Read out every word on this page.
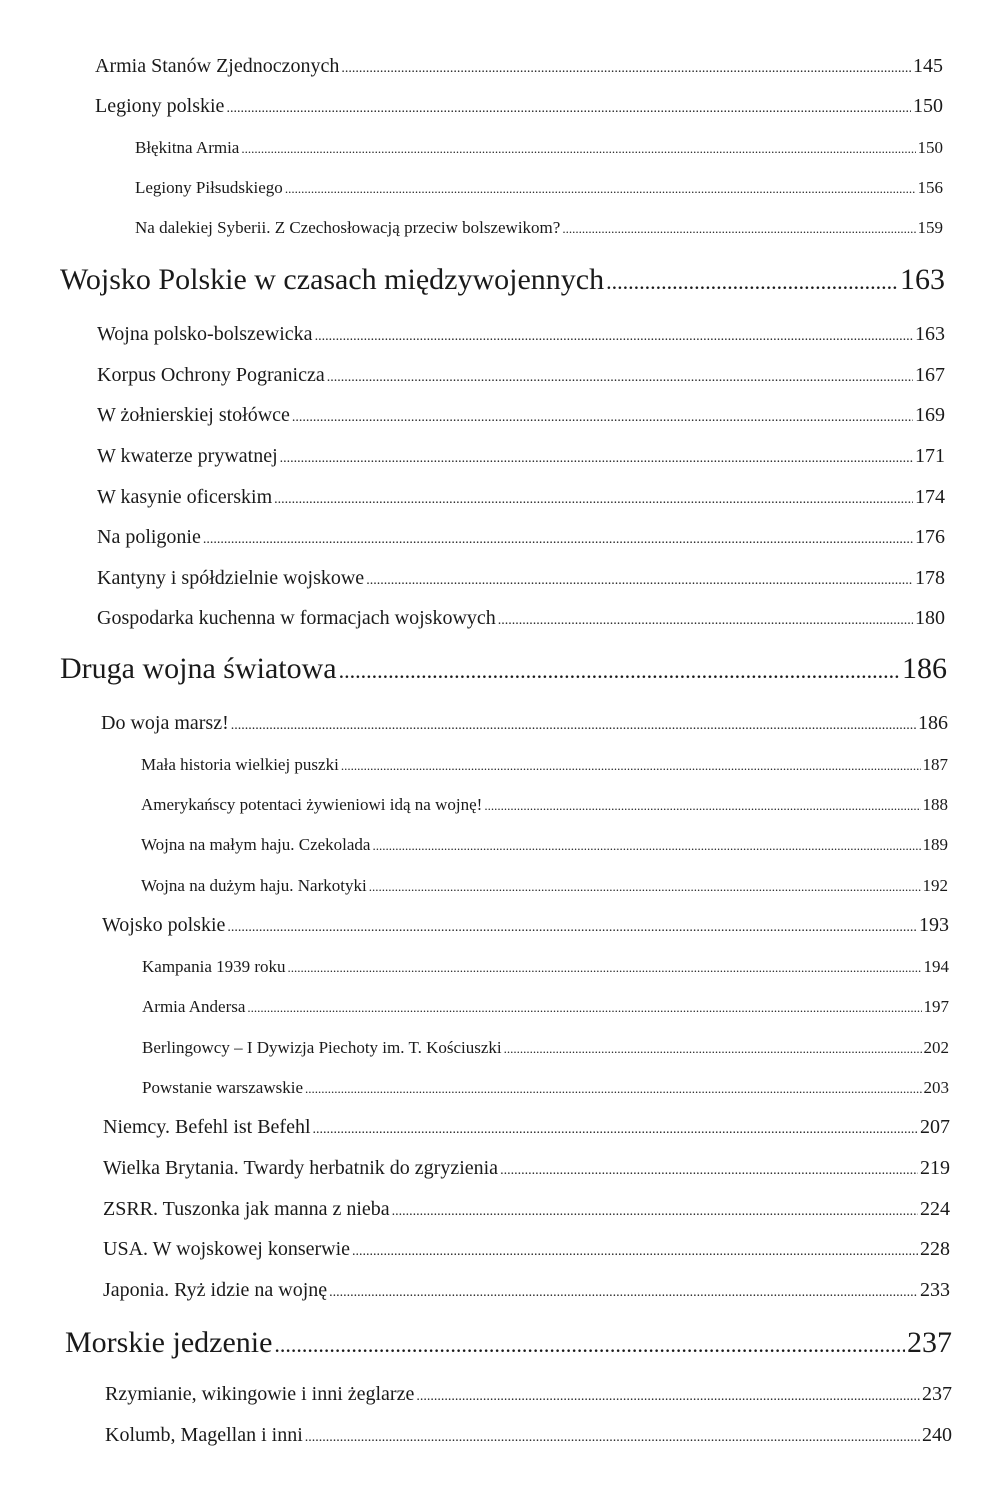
Armia Stanów Zjednoczonych .....	145
Legiony polskie .....	150
Błękitna Armia .....	150
Legiony Piłsudskiego .....	156
Na dalekiej Syberii. Z Czechosłowacją przeciw bolszewikom? .....	159
Wojsko Polskie w czasach międzywojennych .....	163
Wojna polsko-bolszewicka .....	163
Korpus Ochrony Pogranicza .....	167
W żołnierskiej stołówce .....	169
W kwaterze prywatnej .....	171
W kasynie oficerskim .....	174
Na poligonie .....	176
Kantyny i spółdzielnie wojskowe .....	178
Gospodarka kuchenna w formacjach wojskowych .....	180
Druga wojna światowa .....	186
Do woja marsz! .....	186
Mała historia wielkiej puszki .....	187
Amerykańscy potentaci żywieniowi idą na wojnę! .....	188
Wojna na małym haju. Czekolada .....	189
Wojna na dużym haju. Narkotyki .....	192
Wojsko polskie .....	193
Kampania 1939 roku .....	194
Armia Andersa .....	197
Berlingowcy – I Dywizja Piechoty im. T. Kościuszki .....	202
Powstanie warszawskie .....	203
Niemcy. Befehl ist Befehl .....	207
Wielka Brytania. Twardy herbatnik do zgryzienia .....	219
ZSRR. Tuszonka jak manna z nieba .....	224
USA. W wojskowej konserwie .....	228
Japonia. Ryż idzie na wojnę .....	233
Morskie jedzenie .....	237
Rzymianie, wikingowie i inni żeglarze .....	237
Kolumb, Magellan i inni .....	240
